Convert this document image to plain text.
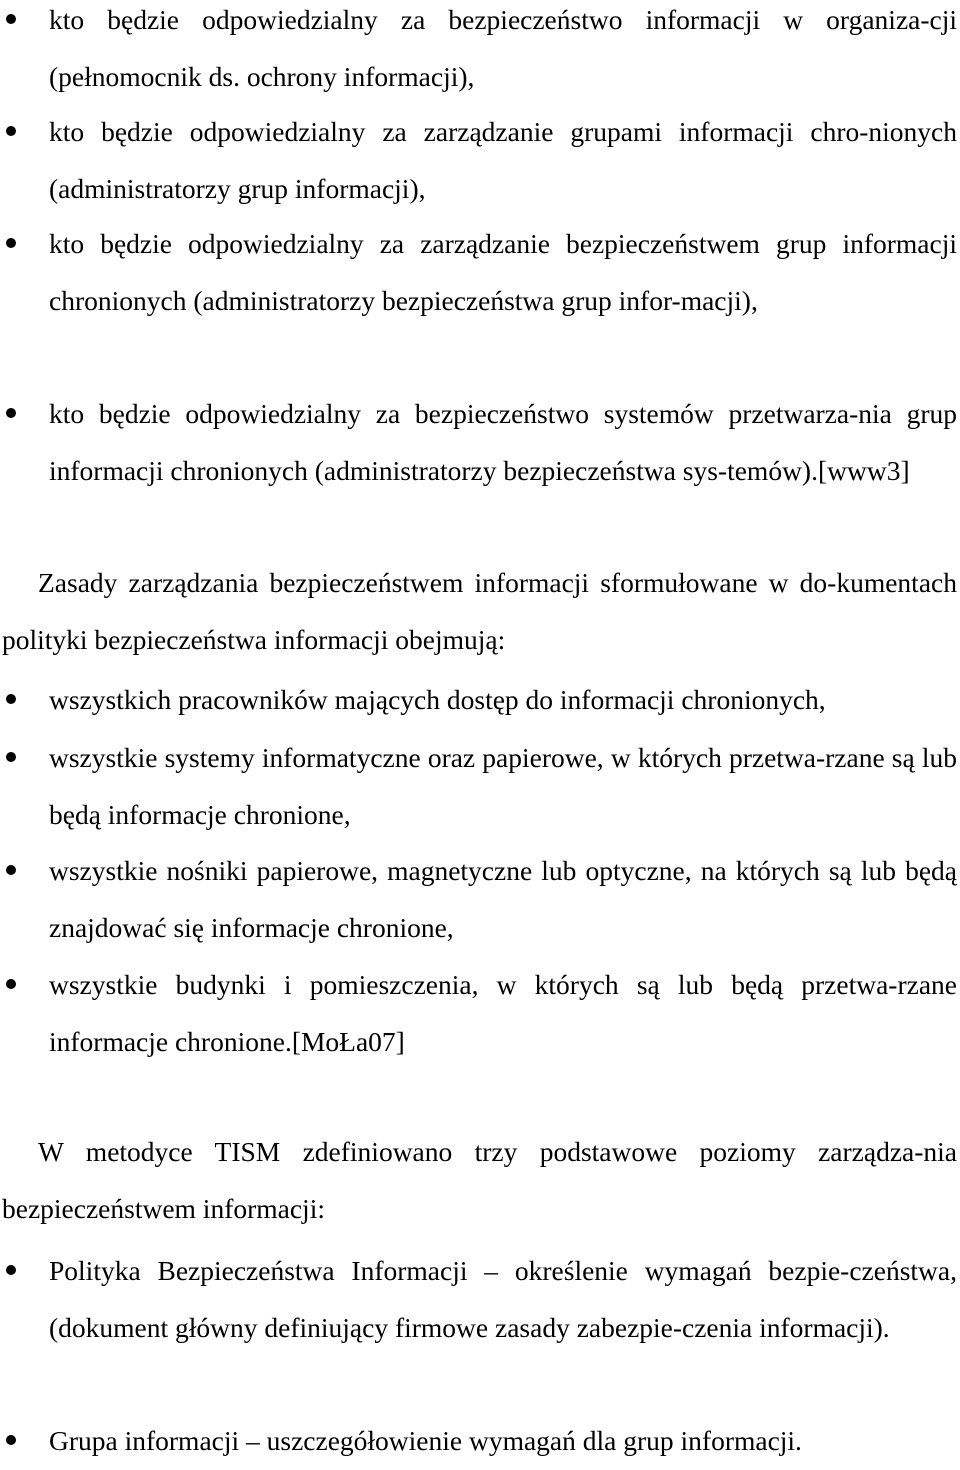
kto będzie odpowiedzialny za bezpieczeństwo informacji w organiza-cji (pełnomocnik ds. ochrony informacji),
kto będzie odpowiedzialny za zarządzanie grupami informacji chro-nionych (administratorzy grup informacji),
kto będzie odpowiedzialny za zarządzanie bezpieczeństwem grup informacji chronionych (administratorzy bezpieczeństwa grup infor-macji),
kto będzie odpowiedzialny za bezpieczeństwo systemów przetwarza-nia grup informacji chronionych (administratorzy bezpieczeństwa sys-temów).[www3]
Zasady zarządzania bezpieczeństwem informacji sformułowane w do-kumentach polityki bezpieczeństwa informacji obejmują:
wszystkich pracowników mających dostęp do informacji chronionych,
wszystkie systemy informatyczne oraz papierowe, w których przetwa-rzane są lub będą informacje chronione,
wszystkie nośniki papierowe, magnetyczne lub optyczne, na których są lub będą znajdować się informacje chronione,
wszystkie budynki i pomieszczenia, w których są lub będą przetwa-rzane informacje chronione.[MoŁa07]
W metodyce TISM zdefiniowano trzy podstawowe poziomy zarządza-nia bezpieczeństwem informacji:
Polityka Bezpieczeństwa Informacji – określenie wymagań bezpie-czeństwa, (dokument główny definiujący firmowe zasady zabezpie-czenia informacji).
Grupa informacji – uszczegółowienie wymagań dla grup informacji.
